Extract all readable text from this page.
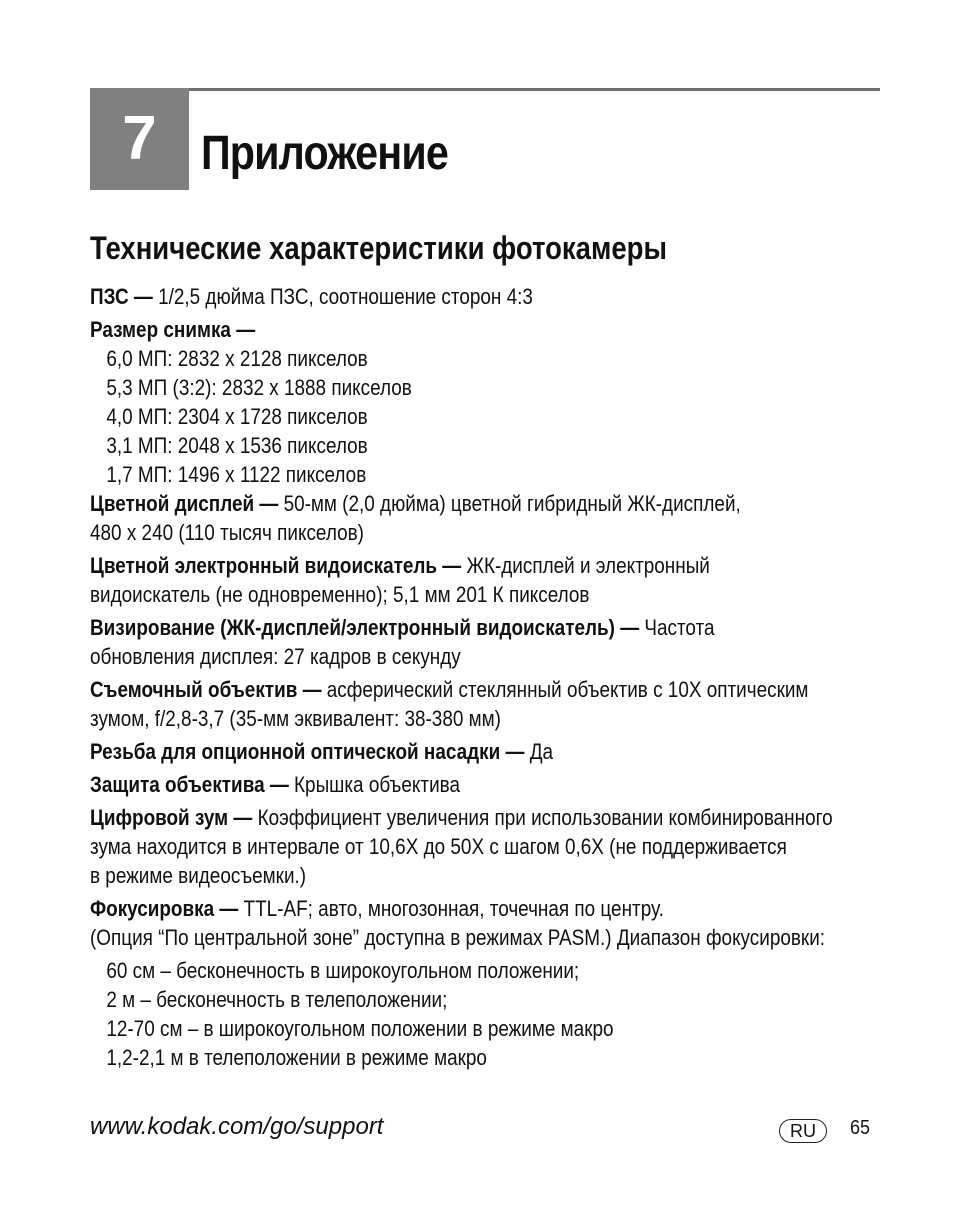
7 Приложение
Технические характеристики фотокамеры
ПЗС — 1/2,5 дюйма ПЗС, соотношение сторон 4:3
Размер снимка —
6,0 МП: 2832 x 2128 пикселов
5,3 МП (3:2): 2832 x 1888 пикселов
4,0 МП: 2304 x 1728 пикселов
3,1 МП: 2048 x 1536 пикселов
1,7 МП: 1496 x 1122 пикселов
Цветной дисплей — 50-мм (2,0 дюйма) цветной гибридный ЖК-дисплей,
480 x 240 (110 тысяч пикселов)
Цветной электронный видоискатель — ЖК-дисплей и электронный
видоискатель (не одновременно); 5,1 мм 201 К пикселов
Визирование (ЖК-дисплей/электронный видоискатель) — Частота
обновления дисплея: 27 кадров в секунду
Съемочный объектив — асферический стеклянный объектив с 10X оптическим
зумом, f/2,8-3,7 (35-мм эквивалент: 38-380 мм)
Резьба для опционной оптической насадки — Да
Защита объектива — Крышка объектива
Цифровой зум — Коэффициент увеличения при использовании комбинированного
зума находится в интервале от 10,6X до 50X с шагом 0,6X (не поддерживается
в режиме видеосъемки.)
Фокусировка — TTL-AF; авто, многозонная, точечная по центру.
(Опция “По центральной зоне” доступна в режимах PASM.) Диапазон фокусировки:
60 см – бесконечность в широкоугольном положении;
2 м – бесконечность в телеположении;
12-70 см – в широкоугольном положении в режиме макро
1,2-2,1 м в телеположении в режиме макро
www.kodak.com/go/support	RU	65
